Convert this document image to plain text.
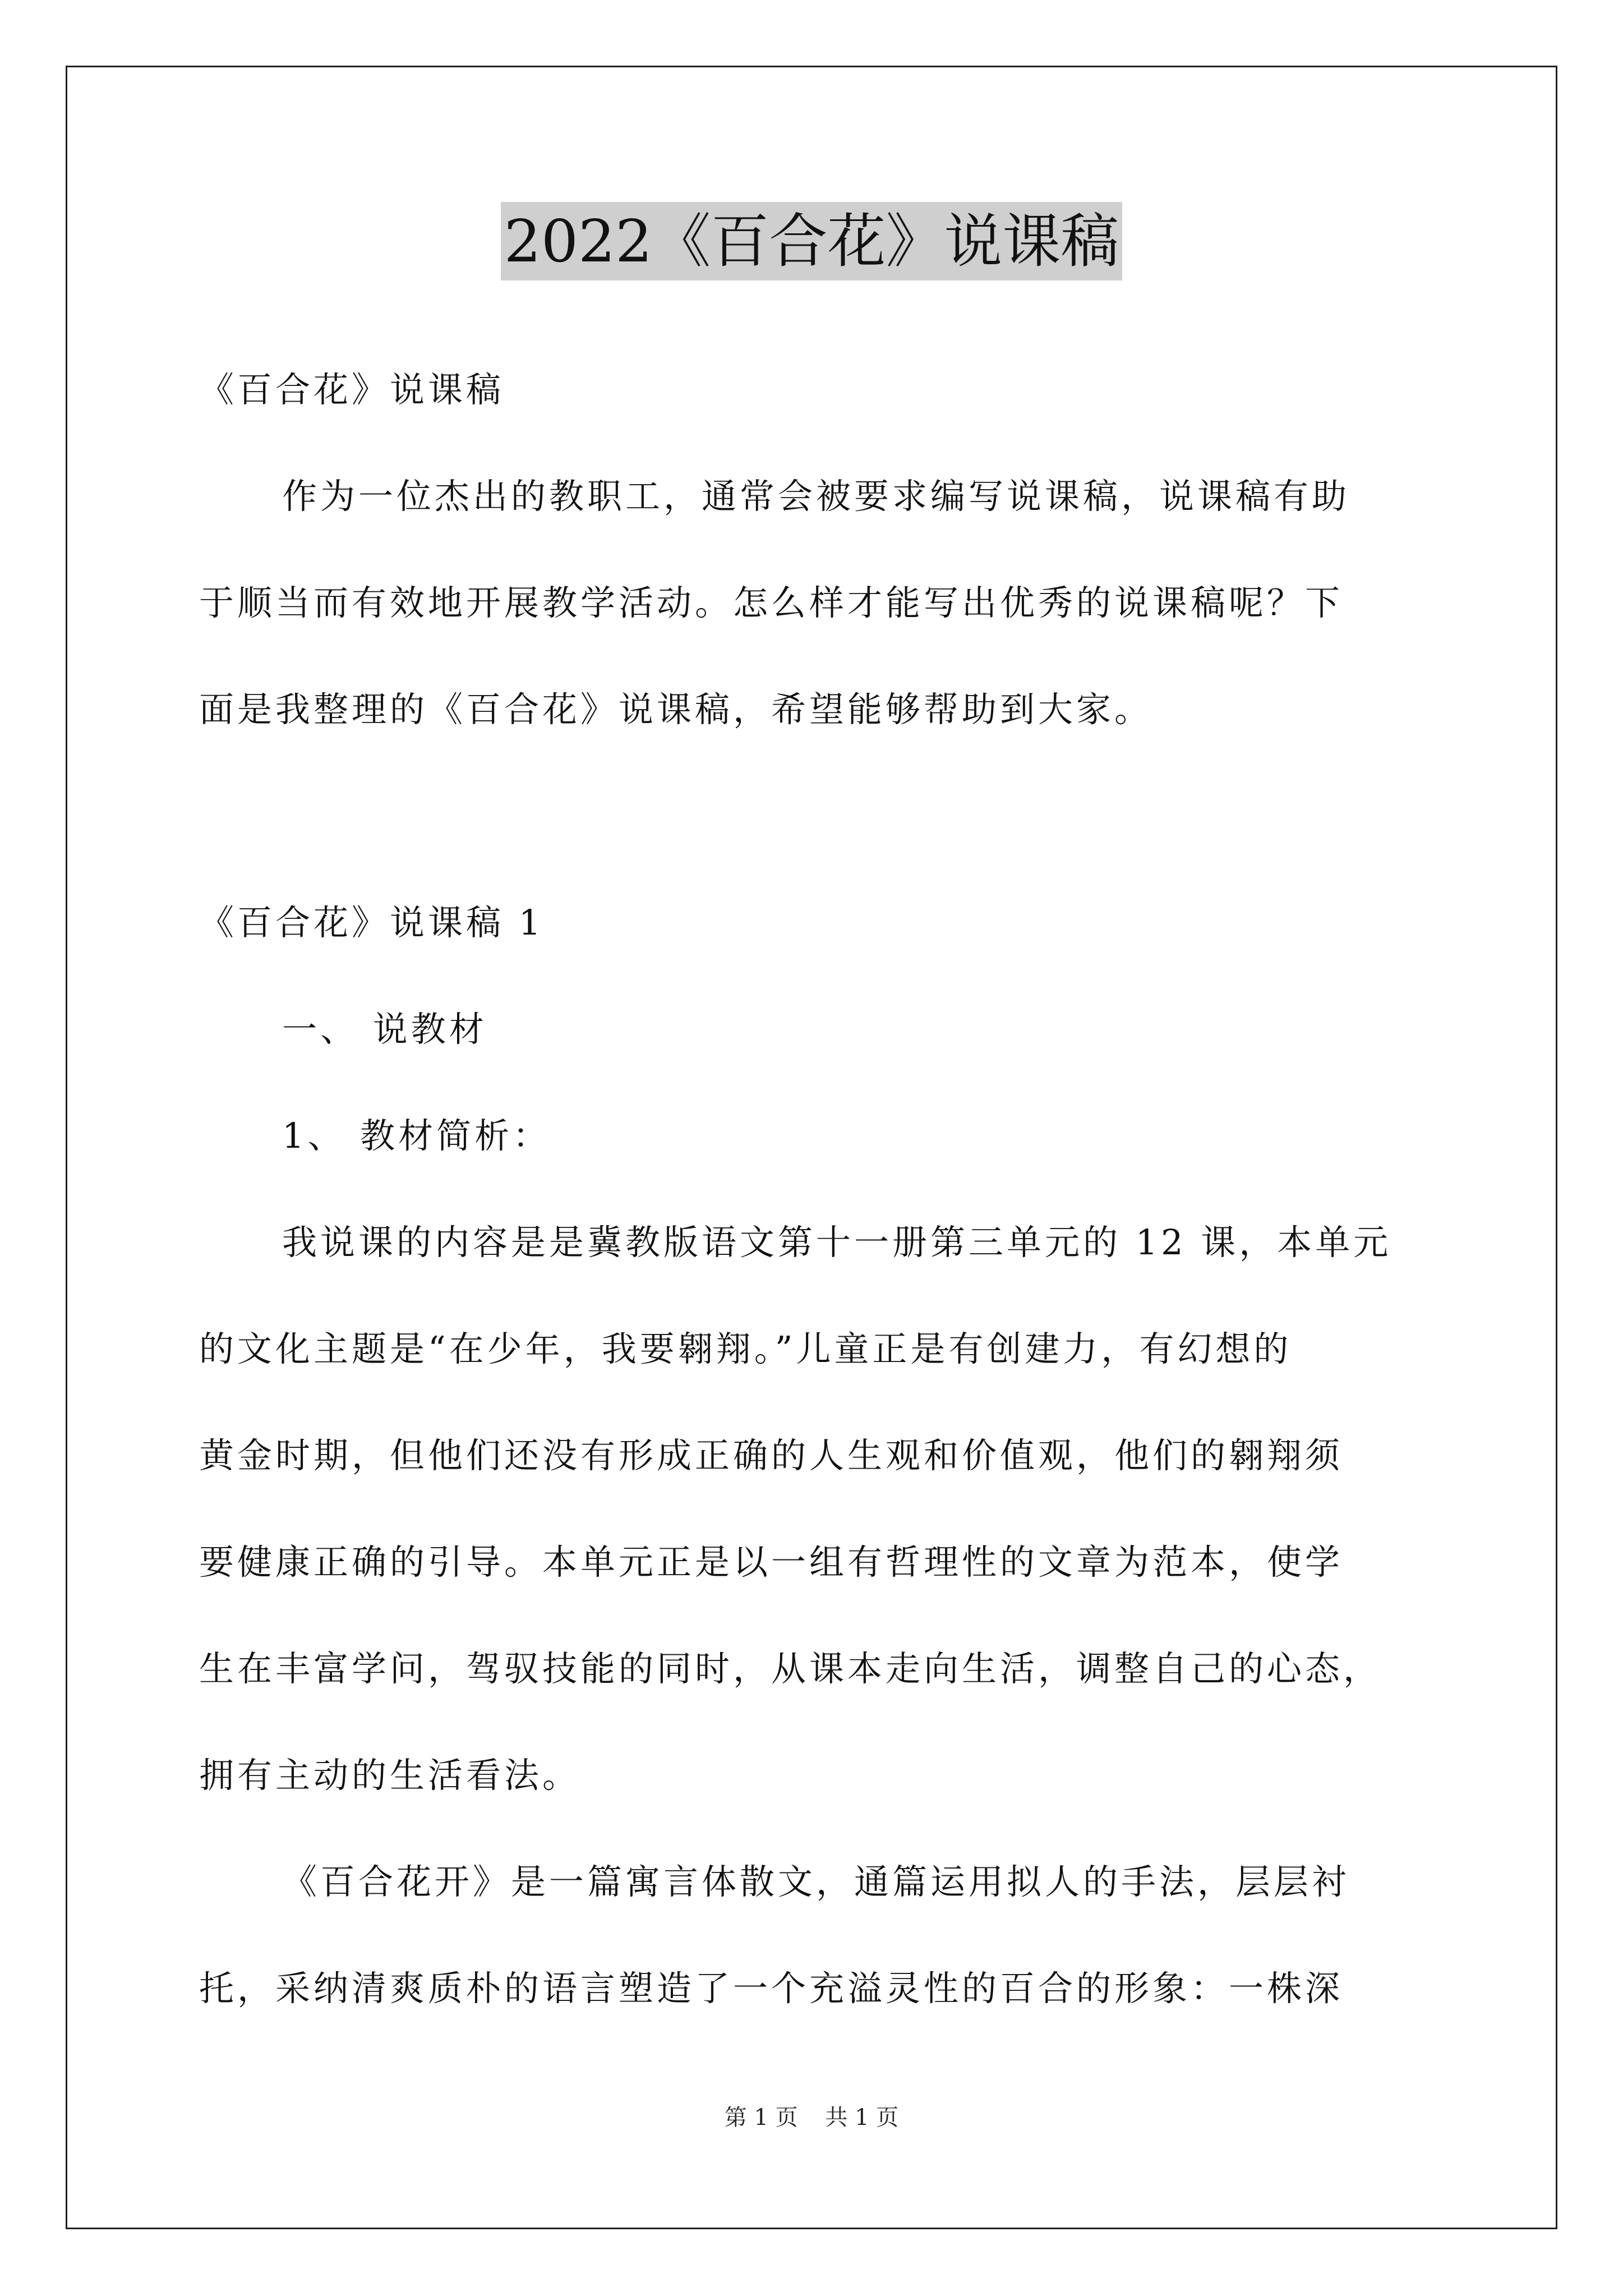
2022《百合花》说课稿
《百合花》说课稿
作为一位杰出的教职工，通常会被要求编写说课稿，说课稿有助
于顺当而有效地开展教学活动。怎么样才能写出优秀的说课稿呢？下
面是我整理的《百合花》说课稿，希望能够帮助到大家。
《百合花》说课稿 1
一、 说教材
1、 教材简析：
我说课的内容是是冀教版语文第十一册第三单元的 12 课，本单元
的文化主题是“在少年，我要翱翔。”儿童正是有创建力，有幻想的
黄金时期，但他们还没有形成正确的人生观和价值观，他们的翱翔须
要健康正确的引导。本单元正是以一组有哲理性的文章为范本，使学
生在丰富学问，驾驭技能的同时，从课本走向生活，调整自己的心态，
拥有主动的生活看法。
《百合花开》是一篇寓言体散文，通篇运用拟人的手法，层层衬
托，采纳清爽质朴的语言塑造了一个充溢灵性的百合的形象：一株深
第 1 页 共 1 页
